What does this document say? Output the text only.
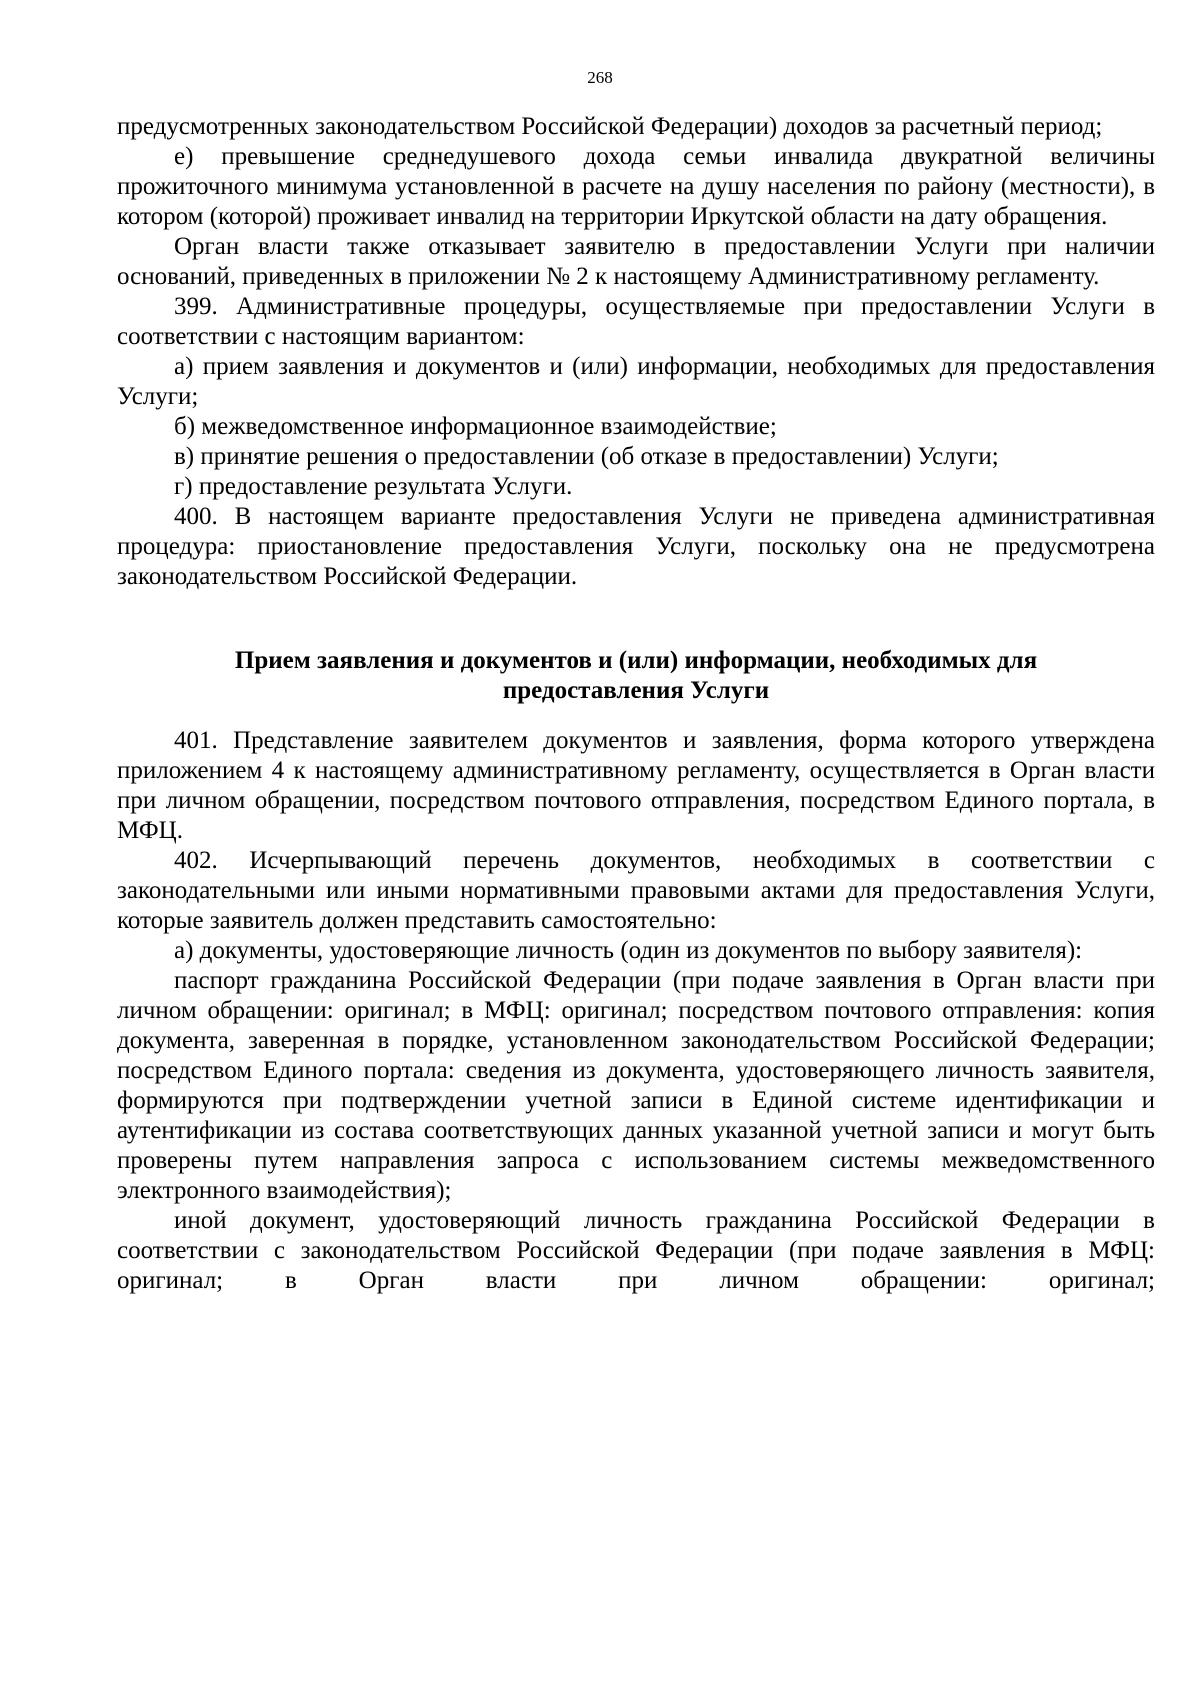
268

предусмотренных законодательством Российской Федерации) доходов за расчетный период;

е) превышение среднедушевого дохода семьи инвалида двукратной величины прожиточного минимума установленной в расчете на душу населения по району (местности), в котором (которой) проживает инвалид на территории Иркутской области на дату обращения.

Орган власти также отказывает заявителю в предоставлении Услуги при наличии оснований, приведенных в приложении № 2 к настоящему Административному регламенту.

399. Административные процедуры, осуществляемые при предоставлении Услуги в соответствии с настоящим вариантом:

а) прием заявления и документов и (или) информации, необходимых для предоставления Услуги;

б) межведомственное информационное взаимодействие;

в) принятие решения о предоставлении (об отказе в предоставлении) Услуги;

г) предоставление результата Услуги.

400. В настоящем варианте предоставления Услуги не приведена административная процедура: приостановление предоставления Услуги, поскольку она не предусмотрена законодательством Российской Федерации.

Прием заявления и документов и (или) информации, необходимых для
предоставления Услуги

401. Представление заявителем документов и заявления, форма которого утверждена приложением 4 к настоящему административному регламенту, осуществляется в Орган власти при личном обращении, посредством почтового отправления, посредством Единого портала, в МФЦ.

402. Исчерпывающий перечень документов, необходимых в соответствии с законодательными или иными нормативными правовыми актами для предоставления Услуги, которые заявитель должен представить самостоятельно:

а) документы, удостоверяющие личность (один из документов по выбору заявителя):

паспорт гражданина Российской Федерации (при подаче заявления в Орган власти при личном обращении: оригинал; в МФЦ: оригинал; посредством почтового отправления: копия документа, заверенная в порядке, установленном законодательством Российской Федерации; посредством Единого портала: сведения из документа, удостоверяющего личность заявителя, формируются при подтверждении учетной записи в Единой системе идентификации и аутентификации из состава соответствующих данных указанной учетной записи и могут быть проверены путем направления запроса с использованием системы межведомственного электронного взаимодействия);

иной документ, удостоверяющий личность гражданина Российской Федерации в соответствии с законодательством Российской Федерации (при подаче заявления в МФЦ: оригинал; в Орган власти при личном обращении: оригинал;
